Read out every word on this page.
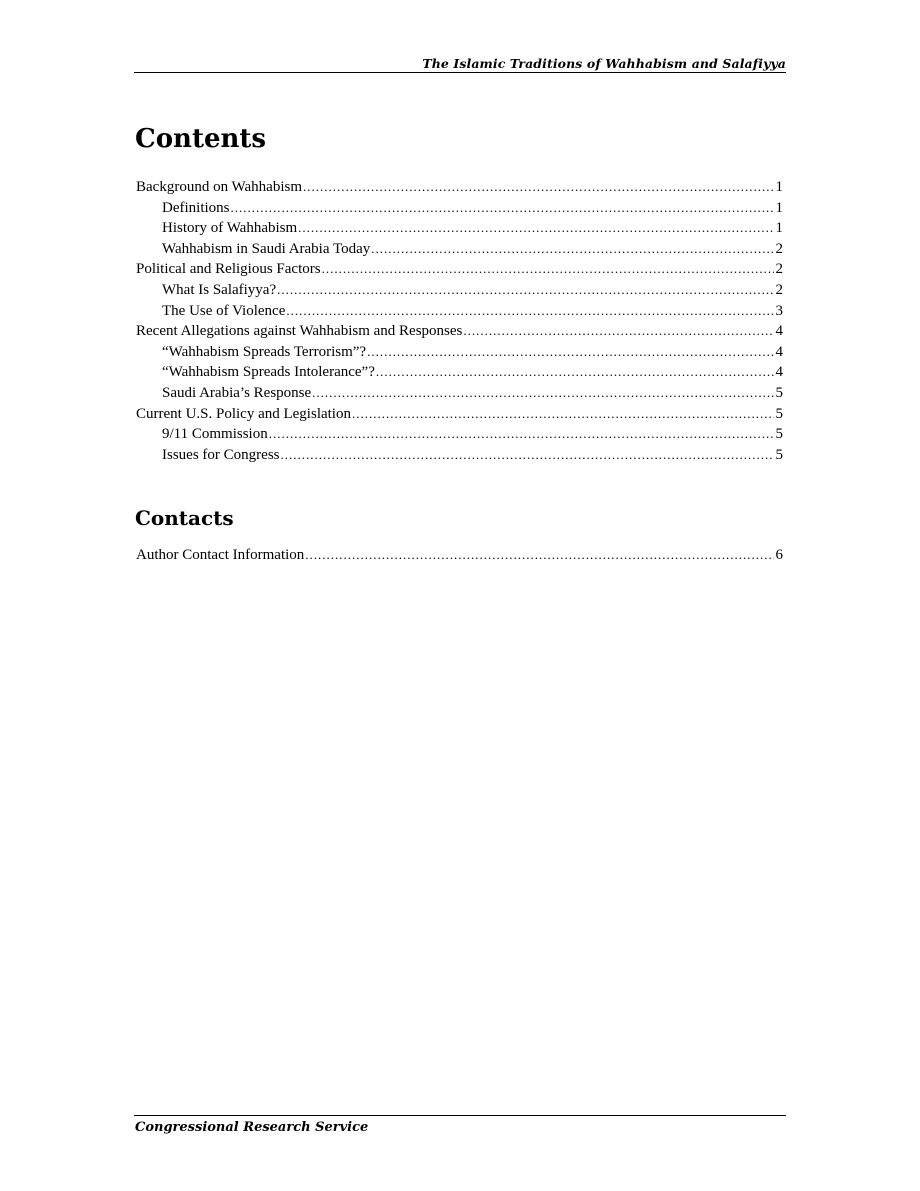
The Islamic Traditions of Wahhabism and Salafiyya
Contents
Background on Wahhabism .....	1
Definitions .....	1
History of Wahhabism .....	1
Wahhabism in Saudi Arabia Today .....	2
Political and Religious Factors .....	2
What Is Salafiyya? .....	2
The Use of Violence .....	3
Recent Allegations against Wahhabism and Responses .....	4
“Wahhabism Spreads Terrorism”? .....	4
“Wahhabism Spreads Intolerance”? .....	4
Saudi Arabia’s Response .....	5
Current U.S. Policy and Legislation .....	5
9/11 Commission .....	5
Issues for Congress .....	5
Contacts
Author Contact Information .....	6
Congressional Research Service
